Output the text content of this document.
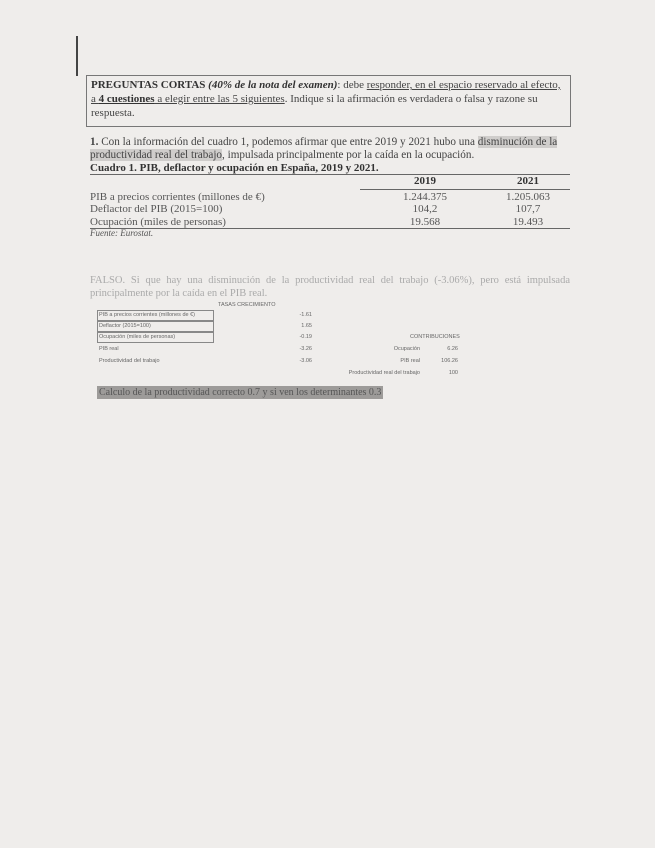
PREGUNTAS CORTAS (40% de la nota del examen): debe responder, en el espacio reservado al efecto, a 4 cuestiones a elegir entre las 5 siguientes. Indique si la afirmación es verdadera o falsa y razone su respuesta.
1. Con la información del cuadro 1, podemos afirmar que entre 2019 y 2021 hubo una disminución de la productividad real del trabajo, impulsada principalmente por la caída en la ocupación.
Cuadro 1. PIB, deflactor y ocupación en España, 2019 y 2021.
2019	2021
PIB a precios corrientes (millones de €)	1.244.375	1.205.063
Deflactor del PIB (2015=100)	104,2	107,7
Ocupación (miles de personas)	19.568	19.493
Fuente: Eurostat.
FALSO. Si que hay una disminución de la productividad real del trabajo (-3.06%), pero está impulsada principalmente por la caída en el PIB real.
TASAS CRECIMIENTO
PIB a precios corrientes (millones de €)	-1.61
Deflactor (2015=100)	1.65
Ocupación (miles de personas)	-0.19
PIB real	-3.26
Productividad del trabajo	-3.06
CONTRIBUCIONES
Ocupación	6.26
PIB real	106.26
Productividad real del trabajo	100
Calculo de la productividad correcto 0.7 y si ven los determinantes 0.3
